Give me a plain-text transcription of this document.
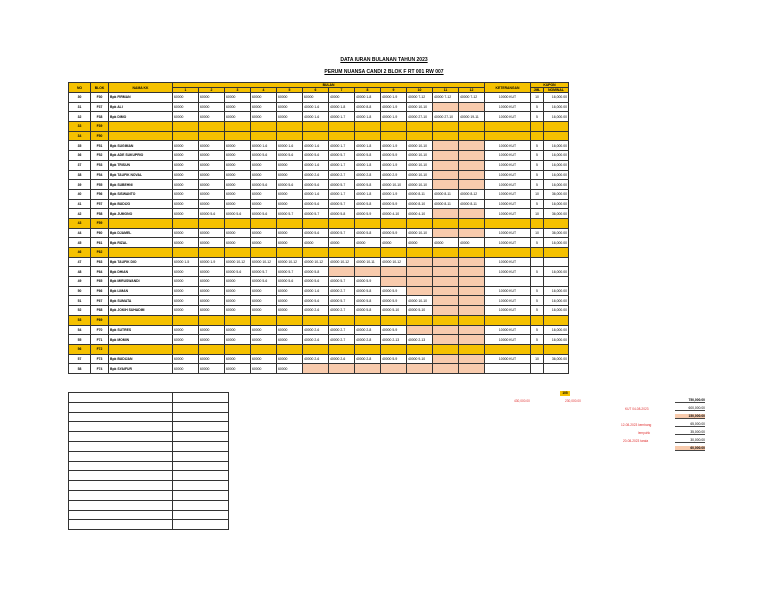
DATA IURAN BULANAN TAHUN 2023
PERUM NUANSA CANDI 2 BLOK F RT 001 RW 007
NO	BLOK	NAMA KK	BULAN												KETERANGAN	KUPON	
			1	2	3	4	5	6	7	8	9	10	11	12		JML	NOMINAL
30	F30	Bpk FIRMAN	60000	60000	60000	60000	60000	60000	40000	40000 1-8	40000 1-9	40000 7-12	40000 7-12	40000 7-12	10000 KUT	10	16,000.00
31	F37	Bpk ALI	60000	60000	60000	60000	60000	40000 1-6	40000 1-8	40000 8-8	40000 1-9	40000 10-10			10000 KUT	5	16,000.00
32	F38	Bpk DIMO	60000	60000	60000	60000	60000	40000 1-6	40000 1-7	40000 1-8	40000 1-9	40000 27-10	40000 27-10	40000 19-11	10000 KUT	5	16,000.00
33	F39																
34	F50																
35	F51	Bpk SUGIMAN	60000	60000	60000	60000 1-6	60000 1-6	40000 1-6	40000 1-7	40000 1-8	40000 1-9	40000 10-10			10000 KUT	5	16,000.00
36	F52	Bpk ADE SUKUPRIO	60000	60000	60000	60000 5-6	60000 5-6	40000 5-6	40000 5-7	40000 5-8	40000 5-9	40000 10-10			10000 KUT	5	16,000.00
37	F53	Bpk TRISUN	60000	60000	60000	60000	60000	40000 1-6	40000 1-7	40000 1-8	40000 1-9	40000 10-10			10000 KUT	5	16,000.00
38	F54	Bpk TAUFIK NOVAL	60000	60000	60000	60000	60000	40000 2-6	40000 2-7	40000 2-8	40000 2-9	40000 10-10			10000 KUT	5	16,000.00
39	F55	Bpk SUBEHNI	60000	60000	60000	60000 5-6	60000 5-6	40000 5-6	40000 5-7	40000 5-8	40000 10-10	40000 10-10			10000 KUT	5	16,000.00
40	F56	Bpk SISWANTO	60000	60000	60000	60000	60000	40000 1-6	40000 1-7	40000 1-8	40000 1-9	40000 8-11	40000 8-11	40000 8-12	10000 KUT	10	36,000.00
41	F57	Bpk BUDIJO	60000	60000	60000	60000	60000	40000 5-6	40000 5-7	40000 5-8	40000 5-9	40000 8-10	40000 8-11	40000 8-11	10000 KUT	5	16,000.00
42	F58	Bpk JUMONO	60000	60000 5-6	60000 5-6	60000 5-6	60000 5-7	40000 5-7	40000 5-8	40000 5-9	40000 4-10	40000 4-10			10000 KUT	10	36,000.00
43	F59																
44	F60	Bpk DJAMEL	60000	60000	60000	60000	60000	40000 5-6	40000 5-7	40000 5-8	40000 5-9	40000 10-10			10000 KUT	10	36,000.00
45	F61	Bpk RIZAL	60000	60000	60000	60000	60000	40000	40000	40000	40000	40000	40000	40000	10000 KUT	5	16,000.00
46	F62																
47	F63	Bpk TAUFIK DIO	60000 1-5	60000 1-9	60000 10-12	60000 10-12	60000 10-12	40000 10-12	40000 10-12	40000 10-11	40000 10-12				10000 KUT		
48	F64	Bpk DHIAN	60000	60000	60000 5-6	60000 5-7	60000 5-7	40000 5-8							10000 KUT	5	16,000.00
49	F65	Bpk MIRUSWANDI	60000	60000	60000	60000 5-6	60000 5-6	40000 5-6	40000 5-7	40000 5-9							
50	F66	Bpk LIMAN	60000	60000	60000	60000	60000	40000 1-6	40000 2-7	40000 5-8	40000 5-9				10000 KUT	5	16,000.00
51	F67	Bpk SUMATA	60000	60000	60000	60000	60000	40000 5-6	40000 5-7	40000 5-8	40000 5-9	40000 10-10			10000 KUT	5	16,000.00
52	F68	Bpk JOKIH SUHADIM	60000	60000	60000	60000	60000	40000 2-6	40000 2-7	40000 5-8	40000 5-10	40000 5-10			10000 KUT	5	16,000.00
53	F69																
54	F70	Bpk SUTRES	60000	60000	60000	60000	60000	40000 2-6	40000 2-7	40000 2-8	40000 5-9				10000 KUT	5	16,000.00
55	F71	Bpk MOMIN	60000	60000	60000	60000	60000	40000 2-6	40000 2-7	40000 2-8	40000 2-13	40000 2-13			10000 KUT	5	16,000.00
56	F72																
57	F73	Bpk BUDIJAN	60000	60000	60000	60000	60000	40000 2-6	40000 2-6	40000 2-8	40000 5-9	40000 9-10			10000 KUT	10	36,000.00
58	F74	Bpk SYAIFUR	60000	60000	60000	60000	60000										

105
430,000.00	230,000.00	750,000.00
KUT 04-08-2023	600,000.00
150,000.00
12-08-2023 kembang	65,000.00
lempuhk	35,000.00
20-08-2023 taraia	30,000.00
60,000.00
